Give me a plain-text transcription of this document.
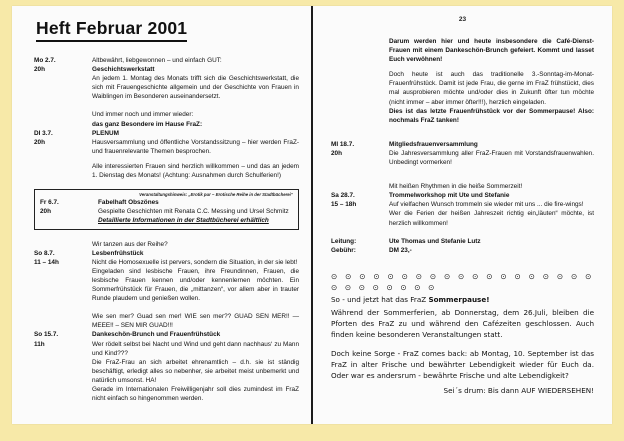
Heft Februar 2001
Mo 2.7.
20h

Altbewährt, liebgewonnen – und einfach GUT:

Geschichtswerkstatt

An jedem 1. Montag des Monats trifft sich die Geschichtswerkstatt, die sich mit Frauengeschichte allgemein und der Geschichte von Frauen in Waiblingen im Besonderen auseinandersetzt.

DI 3.7.
20h

Und immer noch und immer wieder:

das ganz Besondere im Hause FraZ:

PLENUM

Hausversammlung und öffentliche Vorstandssitzung – hier werden FraZ- und frauenrelevante Themen besprochen.

Alle interessierten Frauen sind herzlich willkommen – und das an jedem 1. Dienstag des Monats! (Achtung: Ausnahmen durch Schulferien!)

Veranstaltungshinweis: „Erotik pur – Erotische Reihe in der Stadtbücherei“

Fr 6.7.
20h

Fabelhaft Obszönes

Gespielte Geschichten mit Renata C.C. Messing und Ursel Schmitz

Detaillierte Informationen in der Stadtbücherei erhältlich

So 8.7.
11 – 14h

Wir tanzen aus der Reihe?

Lesbenfrühstück

Nicht die Homosexuelle ist pervers, sondern die Situation, in der sie lebt!

Eingeladen sind lesbische Frauen, ihre Freundinnen, Frauen, die lesbische Frauen kennen und/oder kennenlernen möchten. Ein Sommerfrühstück für Frauen, die „mittanzen“, vor allem aber in trauter Runde plaudern und genießen wollen.

So 15.7.
11h

Wie sen mer? Guad sen mer! WIE sen mer?? GUAD SEN MER!! — MEEE!! – SEN MIR GUAD!!!

Dankeschön-Brunch und Frauenfrühstück

Wer rödelt selbst bei Nacht und Wind und geht dann nachhaus‘ zu Mann und Kind???

Die FraZ-Frau an sich arbeitet ehrenamtlich – d.h. sie ist ständig beschäftigt, erledigt alles so nebenher, sie arbeitet meist unbemerkt und natürlich umsonst. HA!

Gerade im Internationalen Freiwilligenjahr soll dies zumindest im FraZ nicht einfach so hingenommen werden.

23

Darum werden hier und heute insbesondere die Café-Dienst-Frauen mit einem Dankeschön-Brunch gefeiert. Kommt und lasset Euch verwöhnen!

Doch heute ist auch das traditionelle 3.-Sonntag-im-Monat-Frauenfrühstück. Damit ist jede Frau, die gerne im FraZ frühstückt, dies mal ausprobieren möchte und/oder dies in Zukunft öfter tun möchte (nicht immer – aber immer öfter!!!), herzlich eingeladen.

Dies ist das letzte Frauenfrühstück vor der Sommerpause! Also: nochmals FraZ tanken!

MI 18.7.
20h

Mitgliedsfrauenversammlung

Die Jahresversammlung aller FraZ-Frauen mit Vorstandsfrauenwahlen. Unbedingt vormerken!

Sa 28.7.
15 – 18h

Mit heißen Rhythmen in die heiße Sommerzeit!

Trommelworkshop mit Ute und Stefanie

Auf vielfachen Wunsch trommeln sie wieder mit uns ... die fire-wings!

Wer die Ferien der heißen Jahreszeit richtig ein„läuten“ möchte, ist herzlich willkommen!

Leitung:	Ute Thomas und Stefanie Lutz

Gebühr:	DM 23,-

⊙ ⊙ ⊙ ⊙ ⊙ ⊙ ⊙ ⊙ ⊙ ⊙ ⊙ ⊙ ⊙ ⊙ ⊙ ⊙ ⊙ ⊙ ⊙ ⊙ ⊙ ⊙ ⊙ ⊙ ⊙ ⊙ ⊙

So - und jetzt hat das FraZ Sommerpause!

Während der Sommerferien, ab Donnerstag, dem 26.Juli, bleiben die Pforten des FraZ zu und während den Cafézeiten geschlossen. Auch finden keine besonderen Veranstaltungen statt.

Doch keine Sorge - FraZ comes back: ab Montag, 10. September ist das FraZ in alter Frische und bewährter Lebendigkeit wieder für Euch da. Oder war es andersrum - bewährte Frische und alte Lebendigkeit?

Sei´s drum: Bis dann AUF WIEDERSEHEN!
